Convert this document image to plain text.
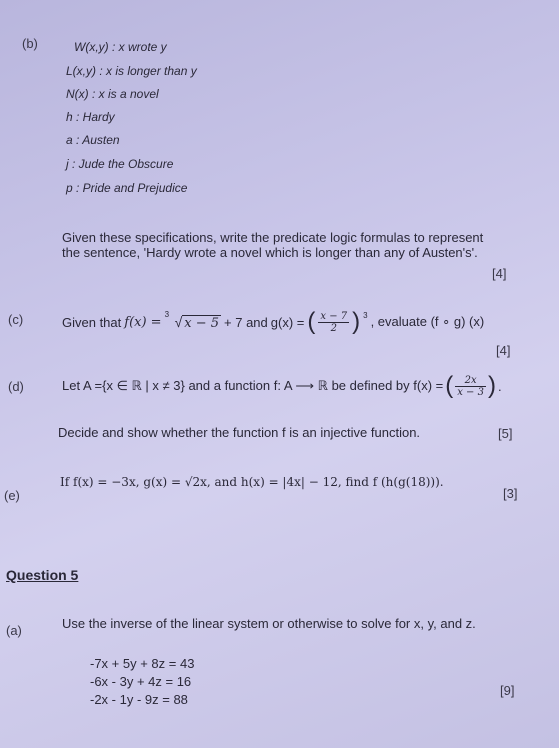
(b)	W(x,y) : x wrote y
L(x,y) : x is longer than y
N(x) : x is a novel
h : Hardy
a : Austen
j : Jude the Obscure
p : Pride and Prejudice
Given these specifications, write the predicate logic formulas to represent
the sentence, 'Hardy wrote a novel which is longer than any of Austen's'.
[4]
(c)	Given that f(x) =
3 √ x − 5 + 7 and g(x) = ( $\frac{x - 7}{2}$ ) $^3$ , evaluate (f ∘ g) (x)
[4]
(d)	Let A ={x ∈ ℝ | x ≠ 3} and a function f: A ⟶ ℝ be defined by f(x) = ( $\frac{2x}{x - 3}$ ) .
Decide and show whether the function f is an injective function.	[5]
(e)
If f(x) = −3x, g(x) = √2x, and h(x) = |4x| − 12, find f (h(g(18))).
[3]
Question 5
(a)	Use the inverse of the linear system or otherwise to solve for x, y, and z.
-7x + 5y + 8z = 43
-6x - 3y + 4z = 16
-2x - 1y - 9z = 88
[9]
